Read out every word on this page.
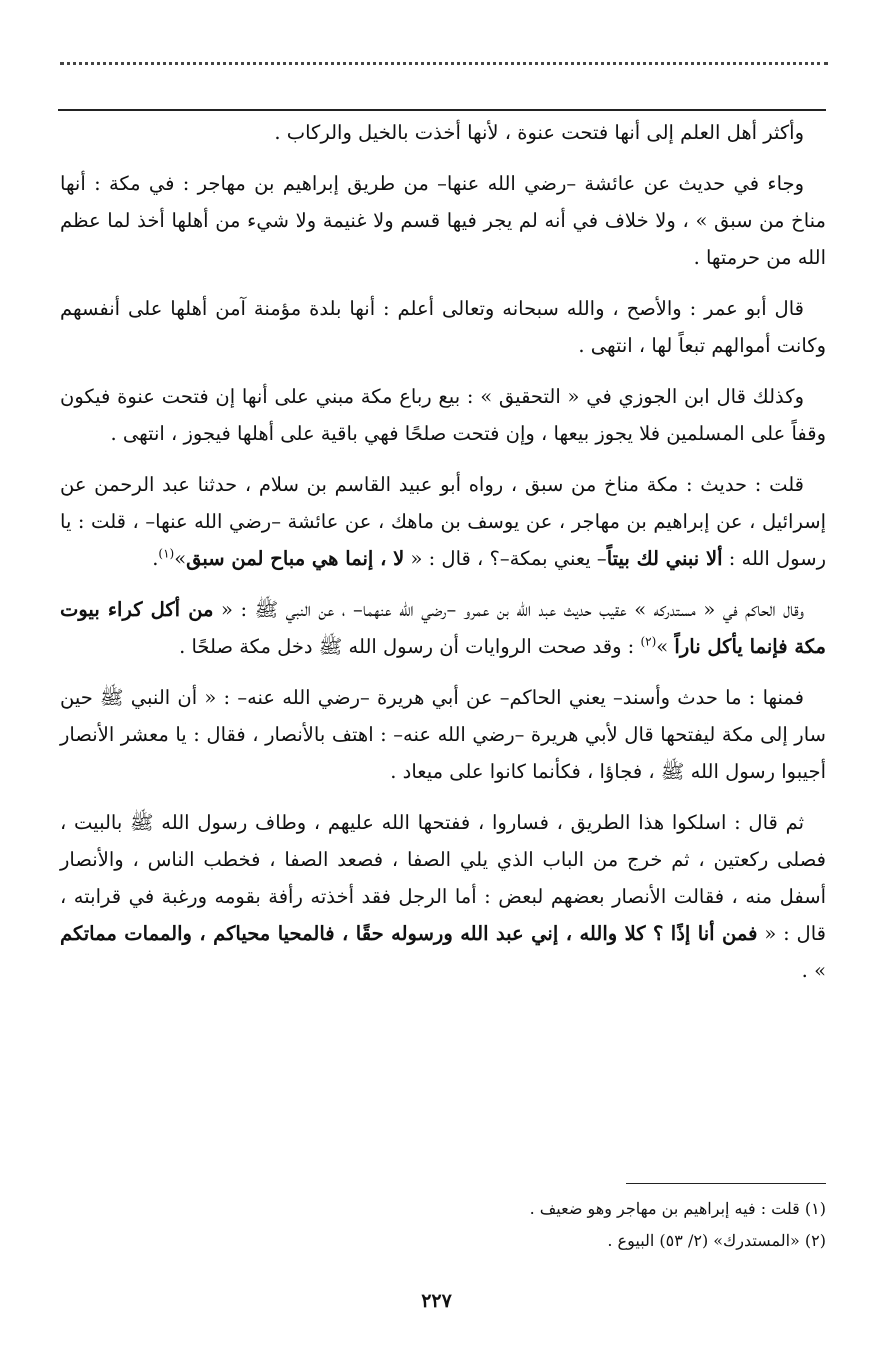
وأكثر أهل العلم إلى أنها فتحت عنوة ، لأنها أخذت بالخيل والركاب .

وجاء في حديث عن عائشة –رضي الله عنها– من طريق إبراهيم بن مهاجر : في مكة : أنها مناخ من سبق » ، ولا خلاف في أنه لم يجر فيها قسم ولا غنيمة ولا شيء من أهلها أخذ لما عظم الله من حرمتها .

قال أبو عمر : والأصح ، والله سبحانه وتعالى أعلم : أنها بلدة مؤمنة آمن أهلها على أنفسهم وكانت أموالهم تبعاً لها ، انتهى .

وكذلك قال ابن الجوزي في « التحقيق » : بيع رباع مكة مبني على أنها إن فتحت عنوة فيكون وقفاً على المسلمين فلا يجوز بيعها ، وإن فتحت صلحًا فهي باقية على أهلها فيجوز ، انتهى .

قلت : حديث : مكة مناخ من سبق ، رواه أبو عبيد القاسم بن سلام ، حدثنا عبد الرحمن عن إسرائيل ، عن إبراهيم بن مهاجر ، عن يوسف بن ماهك ، عن عائشة –رضي الله عنها– ، قلت : يا رسول الله : ألا نبني لك بيتاً– يعني بمكة–؟ ، قال : « لا ، إنما هي مباح لمن سبق»$^{(١)}$.

وقال الحاكم في « مستدركه » عقيب حديث عبد الله بن عمرو –رضي الله عنهما– ، عن النبي ﷺ : « من أكل كراء بيوت مكة فإنما يأكل ناراً »$^{(٢)}$ : وقد صحت الروايات أن رسول الله ﷺ دخل مكة صلحًا .

فمنها : ما حدث وأسند– يعني الحاكم– عن أبي هريرة –رضي الله عنه– : « أن النبي ﷺ حين سار إلى مكة ليفتحها قال لأبي هريرة –رضي الله عنه– : اهتف بالأنصار ، فقال : يا معشر الأنصار أجيبوا رسول الله ﷺ ، فجاؤا ، فكأنما كانوا على ميعاد .

ثم قال : اسلكوا هذا الطريق ، فساروا ، ففتحها الله عليهم ، وطاف رسول الله ﷺ بالبيت ، فصلى ركعتين ، ثم خرج من الباب الذي يلي الصفا ، فصعد الصفا ، فخطب الناس ، والأنصار أسفل منه ، فقالت الأنصار بعضهم لبعض : أما الرجل فقد أخذته رأفة بقومه ورغبة في قرابته ، قال : « فمن أنا إذًا ؟ كلا والله ، إني عبد الله ورسوله حقًا ، فالمحيا محياكم ، والممات مماتكم » .

(١) قلت : فيه إبراهيم بن مهاجر وهو ضعيف .
(٢) «المستدرك» (٢/ ٥٣) البيوع .
٢٢٧
